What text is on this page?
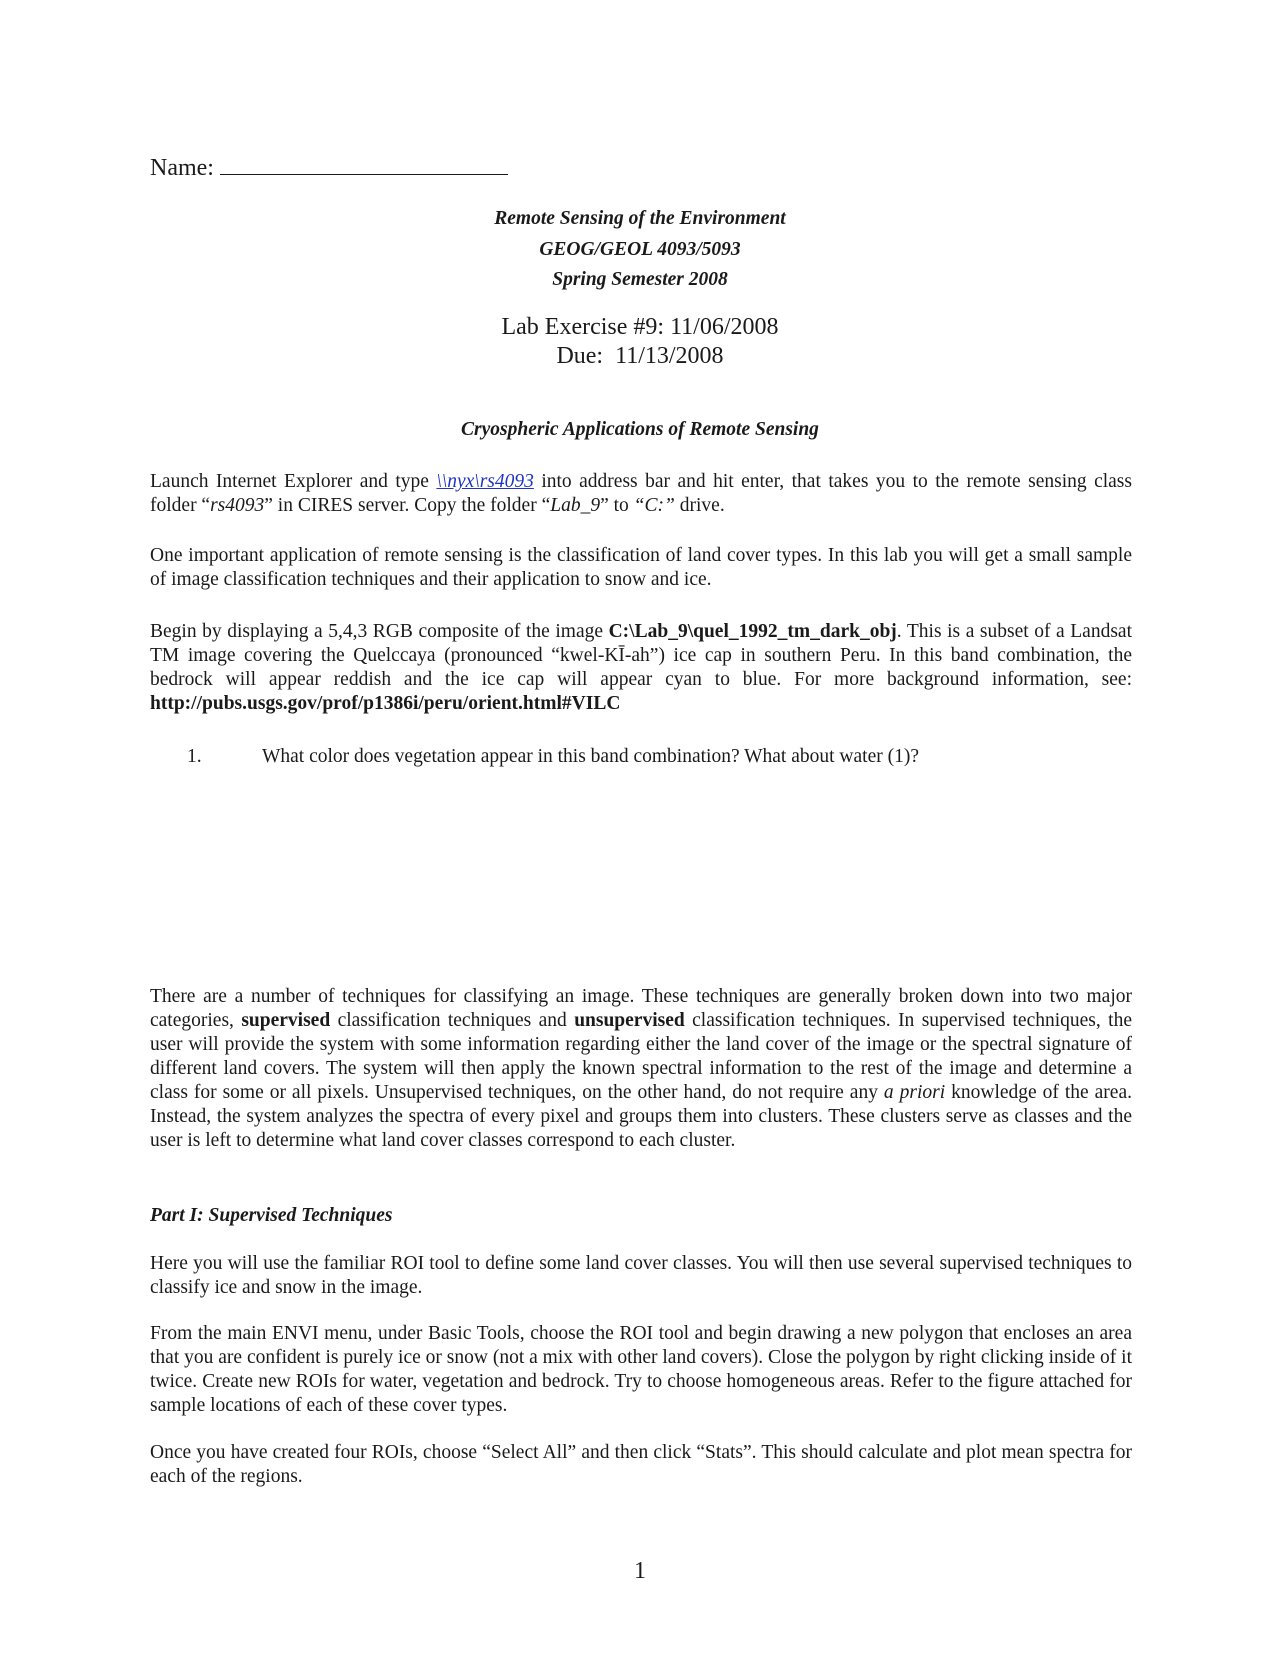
Name:
Remote Sensing of the Environment
GEOG/GEOL 4093/5093
Spring Semester 2008
Lab Exercise #9: 11/06/2008
Due:  11/13/2008
Cryospheric Applications of Remote Sensing
Launch Internet Explorer and type \\nyx\rs4093 into address bar and hit enter, that takes you to the remote sensing class folder “rs4093” in CIRES server. Copy the folder “Lab_9” to “C:” drive.
One important application of remote sensing is the classification of land cover types. In this lab you will get a small sample of image classification techniques and their application to snow and ice.
Begin by displaying a 5,4,3 RGB composite of the image C:\Lab_9\quel_1992_tm_dark_obj. This is a subset of a Landsat TM image covering the Quelccaya (pronounced “kwel-KĪ-ah”) ice cap in southern Peru. In this band combination, the bedrock will appear reddish and the ice cap will appear cyan to blue. For more background information, see: http://pubs.usgs.gov/prof/p1386i/peru/orient.html#VILC
1.	What color does vegetation appear in this band combination? What about water (1)?
There are a number of techniques for classifying an image. These techniques are generally broken down into two major categories, supervised classification techniques and unsupervised classification techniques. In supervised techniques, the user will provide the system with some information regarding either the land cover of the image or the spectral signature of different land covers. The system will then apply the known spectral information to the rest of the image and determine a class for some or all pixels. Unsupervised techniques, on the other hand, do not require any a priori knowledge of the area. Instead, the system analyzes the spectra of every pixel and groups them into clusters. These clusters serve as classes and the user is left to determine what land cover classes correspond to each cluster.
Part I: Supervised Techniques
Here you will use the familiar ROI tool to define some land cover classes. You will then use several supervised techniques to classify ice and snow in the image.
From the main ENVI menu, under Basic Tools, choose the ROI tool and begin drawing a new polygon that encloses an area that you are confident is purely ice or snow (not a mix with other land covers). Close the polygon by right clicking inside of it twice. Create new ROIs for water, vegetation and bedrock. Try to choose homogeneous areas. Refer to the figure attached for sample locations of each of these cover types.
Once you have created four ROIs, choose “Select All” and then click “Stats”. This should calculate and plot mean spectra for each of the regions.
1
